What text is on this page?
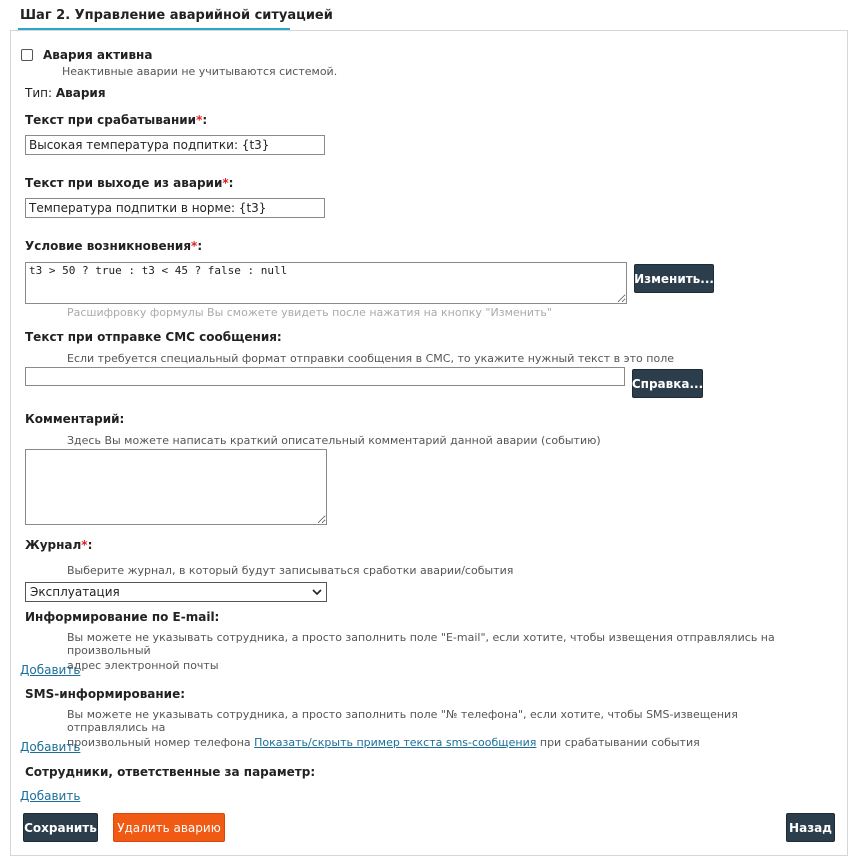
Шаг 2. Управление аварийной ситуацией
Авария активна
Неактивные аварии не учитываются системой.
Тип: Авария
Текст при срабатывании*:
Высокая температура подпитки: {t3}
Текст при выходе из аварии*:
Температура подпитки в норме: {t3}
Условие возникновения*:
t3 > 50 ? true : t3 < 45 ? false : null
Изменить...
Расшифровку формулы Вы сможете увидеть после нажатия на кнопку "Изменить"
Текст при отправке СМС сообщения:
Если требуется специальный формат отправки сообщения в СМС, то укажите нужный текст в это поле
Справка...
Комментарий:
Здесь Вы можете написать краткий описательный комментарий данной аварии (событию)
Журнал*:
Выберите журнал, в который будут записываться сработки аварии/события
Эксплуатация
Информирование по E-mail:
Вы можете не указывать сотрудника, а просто заполнить поле "E-mail", если хотите, чтобы извещения отправлялись на произвольный
адрес электронной почты
Добавить
SMS-информирование:
Вы можете не указывать сотрудника, а просто заполнить поле "№ телефона", если хотите, чтобы SMS-извещения отправлялись на
произвольный номер телефона Показать/скрыть пример текста sms-сообщения при срабатывании события
Добавить
Сотрудники, ответственные за параметр:
Добавить
Сохранить	Удалить аварию	Назад
